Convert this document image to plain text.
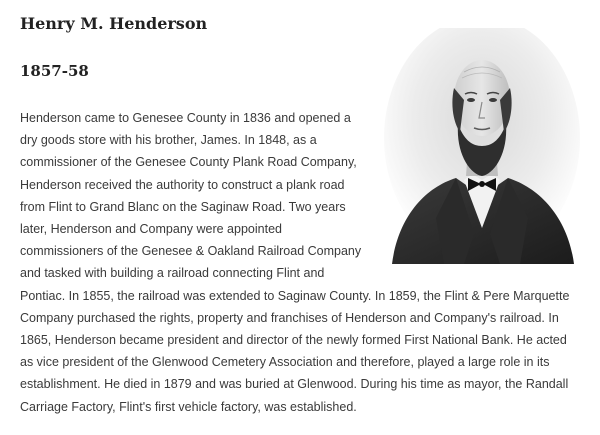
Henry M. Henderson
1857-58
Henderson came to Genesee County in 1836 and opened a
dry goods store with his brother, James. In 1848, as a
commissioner of the Genesee County Plank Road Company,
Henderson received the authority to construct a plank road
from Flint to Grand Blanc on the Saginaw Road. Two years
later, Henderson and Company were appointed
commissioners of the Genesee & Oakland Railroad Company
and tasked with building a railroad connecting Flint and
Pontiac. In 1855, the railroad was extended to Saginaw County. In 1859, the Flint & Pere Marquette
Company purchased the rights, property and franchises of Henderson and Company's railroad. In
1865, Henderson became president and director of the newly formed First National Bank. He acted
as vice president of the Glenwood Cemetery Association and therefore, played a large role in its
establishment. He died in 1879 and was buried at Glenwood. During his time as mayor, the Randall
Carriage Factory, Flint's first vehicle factory, was established.
